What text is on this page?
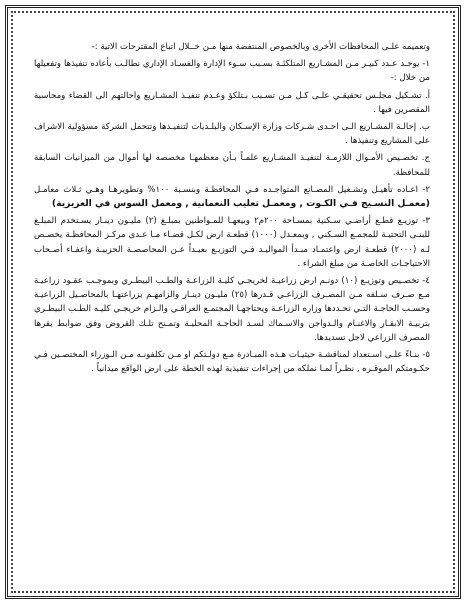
وتعميمه علـى المحافظات الأخرى وبالخصوص المنتفضة منها مـن خــلال اتباع المقترحات الاتية :-

١- يوجـد عـدد كبيـر مـن المشـاريع المتلكئـة بسـبب سـوء الإدارة والفسـاد الإداري نطالـب بأعاده تنفيذها وتفعيلها من خلال :-

أ. تشـكيل مجلـس تحقيقـي علـى كـل مـن تسـبب بـتلكؤ وعـدم تنفيـذ المشـاريع واحالتهم الى القضاء ومحاسبة المقصرين فيها .

ب. إحالـة المشـاريع الـى احـدى شـركات وزارة الإسـكان والبلـديات لتنفيـذها وتتحمل الشركة مسؤولية الاشراف على المشاريع وتنفيذها .

ج. تخصـيص الأمـوال اللازمـة لتنفيـذ المشـاريع علمـاً بـأن معظمهـا مخصصه لها أموال من الميزانيات السابقة للمحافظة.

٢- اعـاده تأهيـل وتشـغيل المصـانع المتواجـده فـي المحافظـة وبنسـبة ١٠٠% وتطويرهـا وهـي ثـلاث معامـل (معمـل النسـيج فـي الكـوت , ومعمـل تعليب النعمانية , ومعمل السوس في العزيزية)

٣- توزيـع قطـع أراضـي سـكنية بمسـاحة ٢٠٠م٢ وبيعهـا للمـواطنين بمبلـغ (٢) مليـون دينـار يسـتخدم المبلـغ للبنـى التحتيـة للمجمـع السـكني , وبمعـدل (١٠٠٠) قطعـة ارض لكـل قضـاء مـا عـدى مركـز المحافظـة يخصـص لـه (٢٠٠٠) قطعـة ارض واعتمـاد مبـدأ المواليـد فـي التوزيـع بعيـداً عـن المحاصصـة الحزبيـة واعفـاء أصـحاب الاحتياجـات الخاصـة من مبلغ الشراء .

٤- تخصـيص وتوزيـع (١٠) دونـم ارض زراعيـة لخريجـي كليـة الزراعـة والطـب البيطـري وبموجـب عقـود زراعيـة مـع صـرف سـلفه مـن المصـرف الزراعـي قـدرها (٢٥) مليـون دينـار والزامهـم بزراعتهـا بالمحاصـيل الزراعيـة وحسـب الحاجـة التـي تحـددها وزاره الزراعـة ويحتاجهـا المجتمـع العراقـي والـزام خريجـي كليـه الطـب البيطـري بتربيـة الابقـار والاغنـام والـدواجن والاسـماك لسـد الحاجـة المحليـة وتمـنح تلـك القروض وفق ضوابط يقرها المصرف الزراعي لاجل تسديدها.

٥- بنـاءً علـى اسـتعداد لمناقشـة حيثيـات هـذه المبـادرة مـع دولـتكم او مـن تكلفونـه مـن الـوزراء المختصـين فـي حكـومتكم الموقـره , نظـراً لمـا نملكه من إجراءات تنفيذية لهذه الخطة على ارض الواقع ميدانياً .
